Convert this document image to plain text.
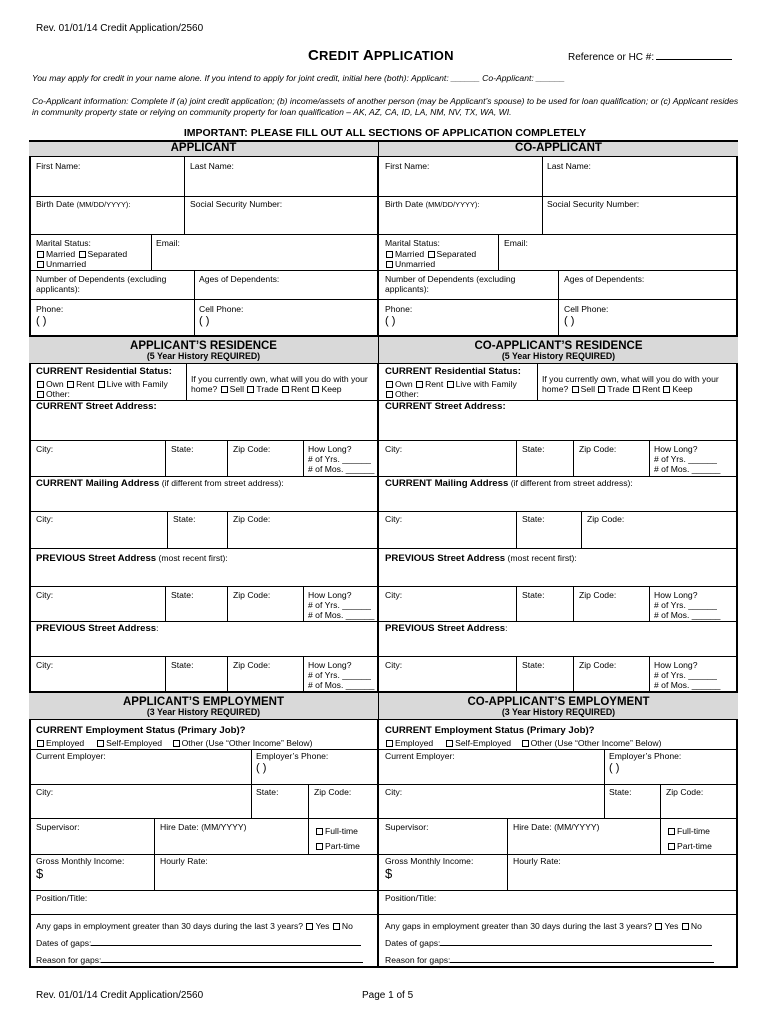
Rev. 01/01/14 Credit Application/2560
CREDIT APPLICATION	Reference or HC #:
You may apply for credit in your name alone. If you intend to apply for joint credit, initial here (both): Applicant: ______ Co-Applicant: ______
Co-Applicant information: Complete if (a) joint credit application; (b) income/assets of another person (may be Applicant’s spouse) to be used for loan qualification; or (c) Applicant resides in community property state or relying on community property for loan qualification – AK, AZ, CA, ID, LA, NM, NV, TX, WA, WI.
IMPORTANT: PLEASE FILL OUT ALL SECTIONS OF APPLICATION COMPLETELY
APPLICANT	CO-APPLICANT
APPLICANT’S RESIDENCE
(5 Year History REQUIRED)
CO-APPLICANT’S RESIDENCE
(5 Year History REQUIRED)
APPLICANT’S EMPLOYMENT
(3 Year History REQUIRED)
CO-APPLICANT’S EMPLOYMENT
(3 Year History REQUIRED)
First Name:	Last Name:
Birth Date (MM/DD/YYYY):	Social Security Number:
Marital Status:
Married Separated
Unmarried
Email:
Number of Dependents (excluding
applicants):
Ages of Dependents:
Phone:
( )
Cell Phone:
( )
First Name:	Last Name:
Birth Date (MM/DD/YYYY):	Social Security Number:
Marital Status:
Married Separated
Unmarried
Email:
Number of Dependents (excluding
applicants):
Ages of Dependents:
Phone:
( )
Cell Phone:
( )
CURRENT Residential Status:
Own Rent Live with Family
Other:
If you currently own, what will you do with your
home? Sell Trade Rent Keep
CURRENT Street Address:
City:	State:	Zip Code:	How Long?
# of Yrs. ______
# of Mos. ______
CURRENT Mailing Address (if different from street address):
City:	State:	Zip Code:
PREVIOUS Street Address (most recent first):
City:	State:	Zip Code:	How Long?
# of Yrs. ______
# of Mos. ______
PREVIOUS Street Address:
City:	State:	Zip Code:	How Long?
# of Yrs. ______
# of Mos. ______
CURRENT Residential Status:
Own Rent Live with Family
Other:
If you currently own, what will you do with your
home? Sell Trade Rent Keep
CURRENT Street Address:
City:	State:	Zip Code:	How Long?
# of Yrs. ______
# of Mos. ______
CURRENT Mailing Address (if different from street address):
City:	State:	Zip Code:
PREVIOUS Street Address (most recent first):
City:	State:	Zip Code:	How Long?
# of Yrs. ______
# of Mos. ______
PREVIOUS Street Address:
City:	State:	Zip Code:	How Long?
# of Yrs. ______
# of Mos. ______
CURRENT Employment Status (Primary Job)?
Employed	Self-Employed Other (Use “Other Income” Below)
Current Employer:	Employer’s Phone:
( )
City:	State:	Zip Code:
Supervisor:	Hire Date: (MM/YYYY)	Full-time
Part-time
Gross Monthly Income:
$
Hourly Rate:
Position/Title:
Any gaps in employment greater than 30 days during the last 3 years? Yes No
Dates of gaps:
Reason for gaps:
CURRENT Employment Status (Primary Job)?
Employed	Self-Employed Other (Use “Other Income” Below)
Current Employer:	Employer’s Phone:
( )
City:	State:	Zip Code:
Supervisor:	Hire Date: (MM/YYYY)	Full-time
Part-time
Gross Monthly Income:
$
Hourly Rate:
Position/Title:
Any gaps in employment greater than 30 days during the last 3 years? Yes No
Dates of gaps:
Reason for gaps:
Rev. 01/01/14 Credit Application/2560	Page 1 of 5
